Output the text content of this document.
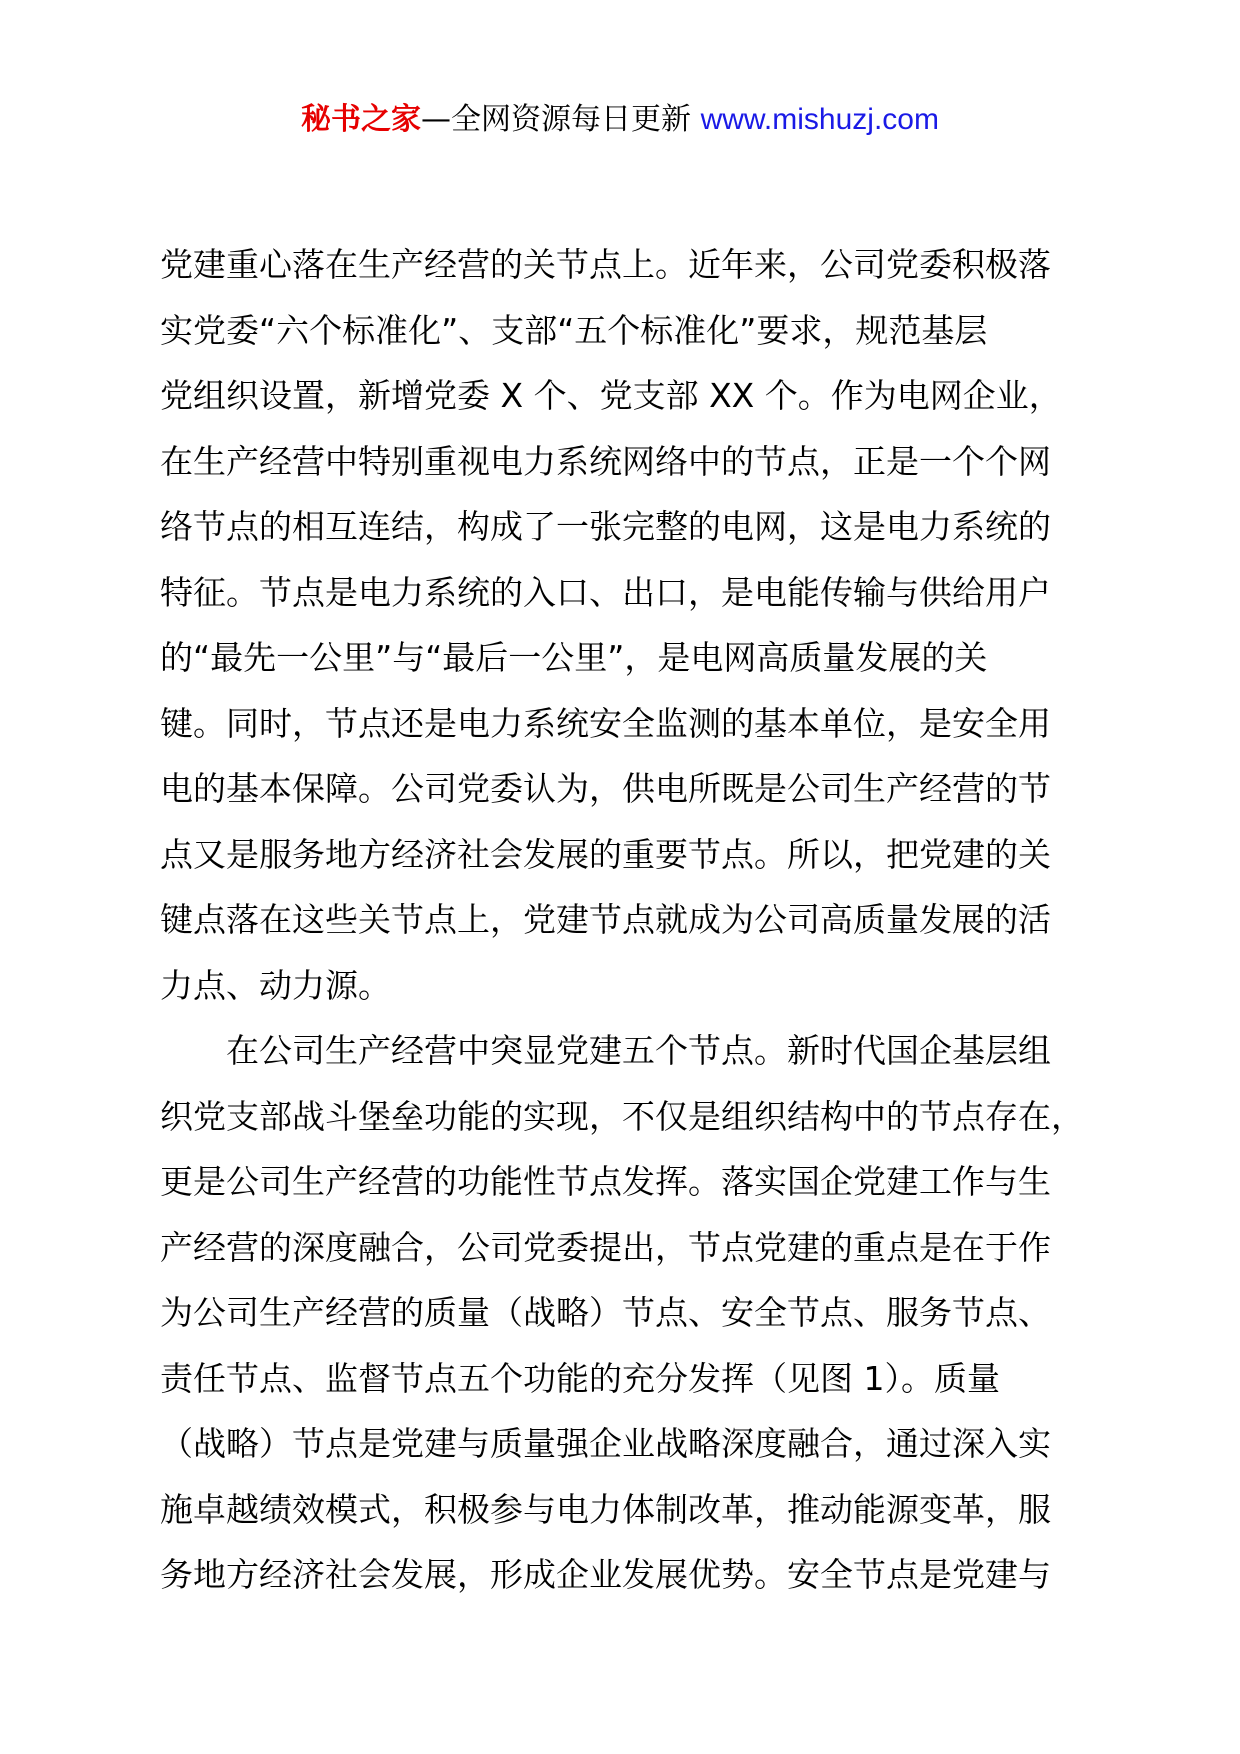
秘书之家—全网资源每日更新 www.mishuzj.com
党建重心落在生产经营的关节点上。近年来，公司党委积极落
实党委“六个标准化”、支部“五个标准化”要求，规范基层
党组织设置，新增党委 X 个、党支部 XX 个。作为电网企业，
在生产经营中特别重视电力系统网络中的节点，正是一个个网
络节点的相互连结，构成了一张完整的电网，这是电力系统的
特征。节点是电力系统的入口、出口，是电能传输与供给用户
的“最先一公里”与“最后一公里”，是电网高质量发展的关
键。同时，节点还是电力系统安全监测的基本单位，是安全用
电的基本保障。公司党委认为，供电所既是公司生产经营的节
点又是服务地方经济社会发展的重要节点。所以，把党建的关
键点落在这些关节点上，党建节点就成为公司高质量发展的活
力点、动力源。
在公司生产经营中突显党建五个节点。新时代国企基层组
织党支部战斗堡垒功能的实现，不仅是组织结构中的节点存在，
更是公司生产经营的功能性节点发挥。落实国企党建工作与生
产经营的深度融合，公司党委提出，节点党建的重点是在于作
为公司生产经营的质量（战略）节点、安全节点、服务节点、
责任节点、监督节点五个功能的充分发挥（见图 1）。质量
（战略）节点是党建与质量强企业战略深度融合，通过深入实
施卓越绩效模式，积极参与电力体制改革，推动能源变革，服
务地方经济社会发展，形成企业发展优势。安全节点是党建与
